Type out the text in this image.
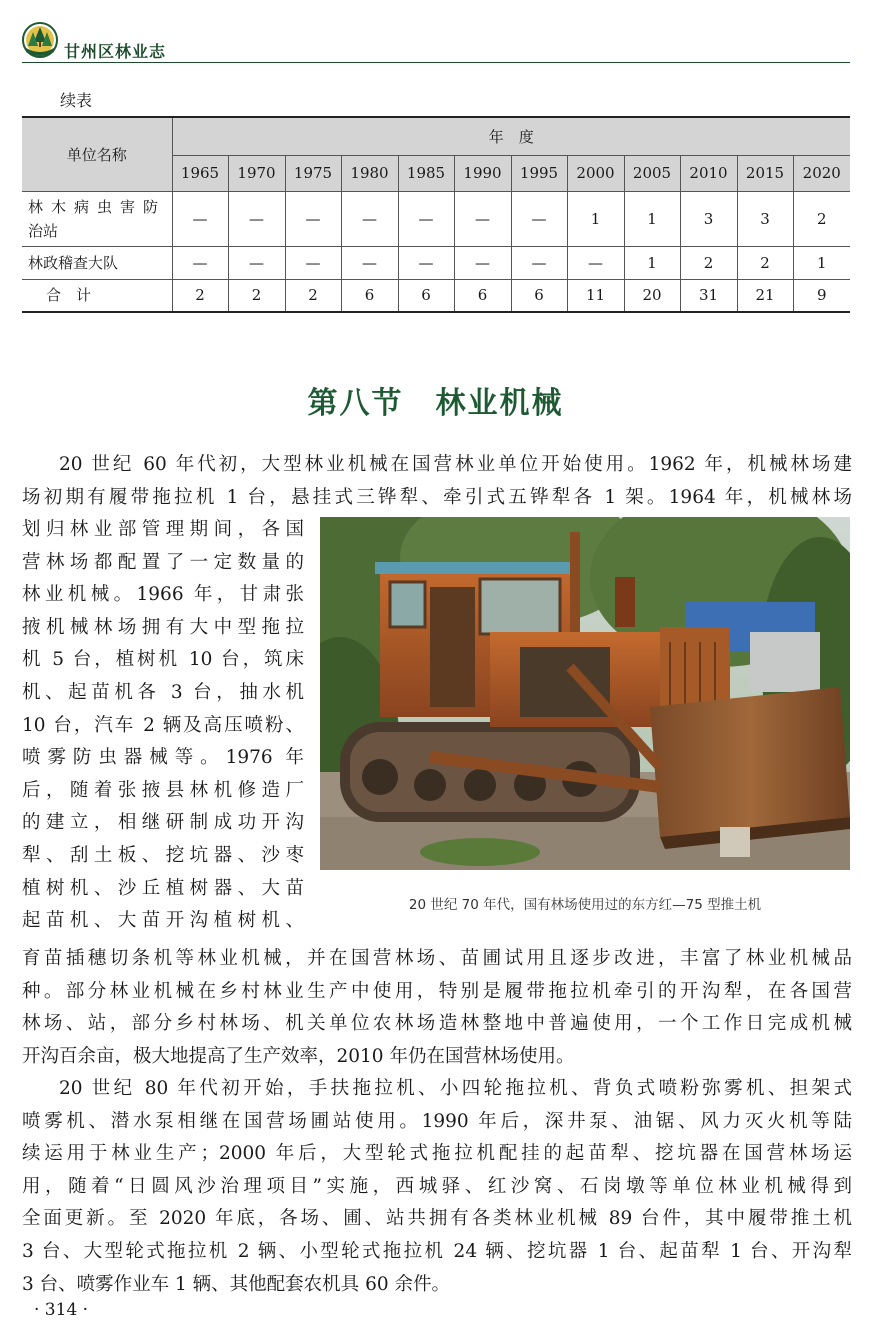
甘州区林业志
续表
单位名称	年　度											
	1965	1970	1975	1980	1985	1990	1995	2000	2005	2010	2015	2020

林木病虫害防
治站	—	—	—	—	—	—	—	1	1	3	3	2
林政稽查大队	—	—	—	—	—	—	—	—	1	2	2	1
合　计	2	2	2	6	6	6	6	11	20	31	21	9
第八节　林业机械
20 世纪 60 年代初，大型林业机械在国营林业单位开始使用。1962 年，机械林场建
场初期有履带拖拉机 1 台，悬挂式三铧犁、牵引式五铧犁各 1 架。1964 年，机械林场
划归林业部管理期间，各国
营林场都配置了一定数量的
林业机械。1966 年，甘肃张
掖机械林场拥有大中型拖拉
机 5 台，植树机 10 台，筑床
机、起苗机各 3 台，抽水机
10 台，汽车 2 辆及高压喷粉、
喷雾防虫器械等。1976 年
后，随着张掖县林机修造厂
的建立，相继研制成功开沟
犁、刮土板、挖坑器、沙枣
植树机、沙丘植树器、大苗
起苗机、大苗开沟植树机、
20 世纪 70 年代，国有林场使用过的东方红—75 型推土机
育苗插穗切条机等林业机械，并在国营林场、苗圃试用且逐步改进，丰富了林业机械品
种。部分林业机械在乡村林业生产中使用，特别是履带拖拉机牵引的开沟犁，在各国营
林场、站，部分乡村林场、机关单位农林场造林整地中普遍使用，一个工作日完成机械
开沟百余亩，极大地提高了生产效率，2010 年仍在国营林场使用。
20 世纪 80 年代初开始，手扶拖拉机、小四轮拖拉机、背负式喷粉弥雾机、担架式
喷雾机、潜水泵相继在国营场圃站使用。1990 年后，深井泵、油锯、风力灭火机等陆
续运用于林业生产；2000 年后，大型轮式拖拉机配挂的起苗犁、挖坑器在国营林场运
用，随着“日圆风沙治理项目”实施，西城驿、红沙窝、石岗墩等单位林业机械得到
全面更新。至 2020 年底，各场、圃、站共拥有各类林业机械 89 台件，其中履带推土机
3 台、大型轮式拖拉机 2 辆、小型轮式拖拉机 24 辆、挖坑器 1 台、起苗犁 1 台、开沟犁
3 台、喷雾作业车 1 辆、其他配套农机具 60 余件。
· 314 ·
